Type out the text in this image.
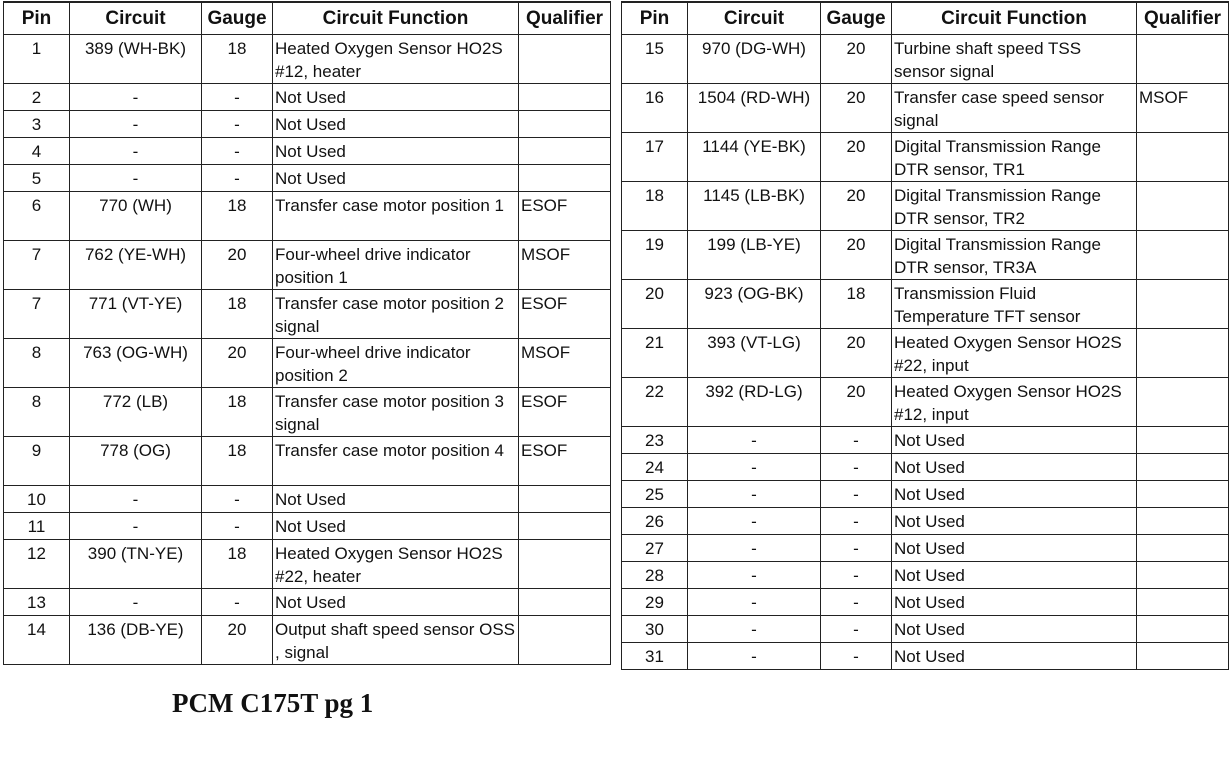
Pin	Circuit	Gauge	Circuit Function	Qualifier
1	389 (WH-BK)	18	Heated Oxygen Sensor HO2S #12, heater	
2	-	-	Not Used	
3	-	-	Not Used	
4	-	-	Not Used	
5	-	-	Not Used	
6	770 (WH)	18	Transfer case motor position 1	ESOF
7	762 (YE-WH)	20	Four-wheel drive indicator position 1	MSOF
7	771 (VT-YE)	18	Transfer case motor position 2 signal	ESOF
8	763 (OG-WH)	20	Four-wheel drive indicator position 2	MSOF
8	772 (LB)	18	Transfer case motor position 3 signal	ESOF
9	778 (OG)	18	Transfer case motor position 4	ESOF
10	-	-	Not Used	
11	-	-	Not Used	
12	390 (TN-YE)	18	Heated Oxygen Sensor HO2S #22, heater	
13	-	-	Not Used	
14	136 (DB-YE)	20	Output shaft speed sensor OSS , signal	
Pin	Circuit	Gauge	Circuit Function	Qualifier
15	970 (DG-WH)	20	Turbine shaft speed TSS sensor signal	
16	1504 (RD-WH)	20	Transfer case speed sensor signal	MSOF
17	1144 (YE-BK)	20	Digital Transmission Range DTR sensor, TR1	
18	1145 (LB-BK)	20	Digital Transmission Range DTR sensor, TR2	
19	199 (LB-YE)	20	Digital Transmission Range DTR sensor, TR3A	
20	923 (OG-BK)	18	Transmission Fluid Temperature TFT sensor	
21	393 (VT-LG)	20	Heated Oxygen Sensor HO2S #22, input	
22	392 (RD-LG)	20	Heated Oxygen Sensor HO2S #12, input	
23	-	-	Not Used	
24	-	-	Not Used	
25	-	-	Not Used	
26	-	-	Not Used	
27	-	-	Not Used	
28	-	-	Not Used	
29	-	-	Not Used	
30	-	-	Not Used	
31	-	-	Not Used	
PCM C175T pg 1
